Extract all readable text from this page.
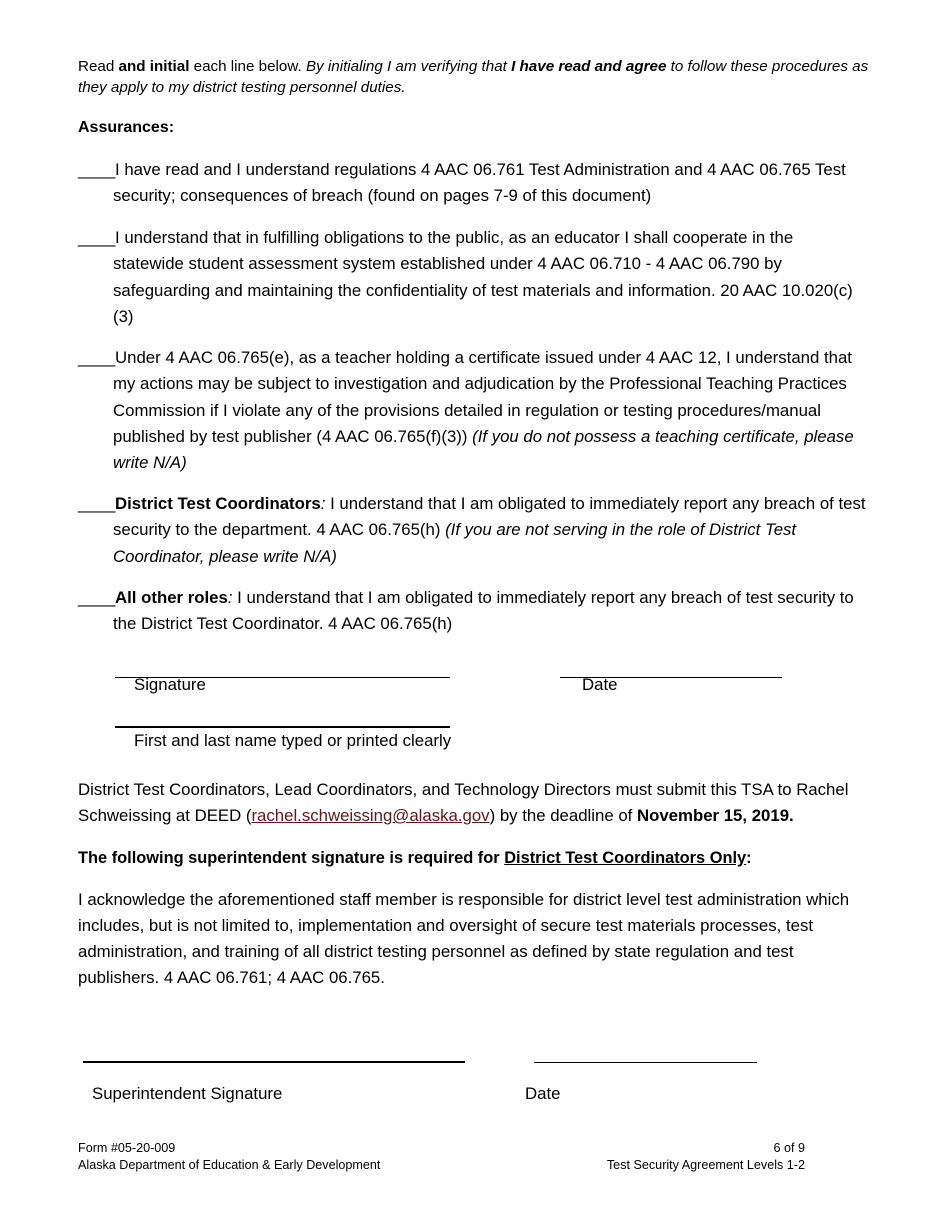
Read and initial each line below. By initialing I am verifying that I have read and agree to follow these procedures as they apply to my district testing personnel duties.
Assurances:
____ I have read and I understand regulations 4 AAC 06.761 Test Administration and 4 AAC 06.765 Test security; consequences of breach (found on pages 7-9 of this document)
____ I understand that in fulfilling obligations to the public, as an educator I shall cooperate in the statewide student assessment system established under 4 AAC 06.710 - 4 AAC 06.790 by safeguarding and maintaining the confidentiality of test materials and information. 20 AAC 10.020(c)(3)
____ Under 4 AAC 06.765(e), as a teacher holding a certificate issued under 4 AAC 12, I understand that my actions may be subject to investigation and adjudication by the Professional Teaching Practices Commission if I violate any of the provisions detailed in regulation or testing procedures/manual published by test publisher (4 AAC 06.765(f)(3)) (If you do not possess a teaching certificate, please write N/A)
____ District Test Coordinators: I understand that I am obligated to immediately report any breach of test security to the department. 4 AAC 06.765(h) (If you are not serving in the role of District Test Coordinator, please write N/A)
____ All other roles: I understand that I am obligated to immediately report any breach of test security to the District Test Coordinator. 4 AAC 06.765(h)
Signature	Date
First and last name typed or printed clearly
District Test Coordinators, Lead Coordinators, and Technology Directors must submit this TSA to Rachel Schweissing at DEED (rachel.schweissing@alaska.gov) by the deadline of November 15, 2019.
The following superintendent signature is required for District Test Coordinators Only:
I acknowledge the aforementioned staff member is responsible for district level test administration which includes, but is not limited to, implementation and oversight of secure test materials processes, test administration, and training of all district testing personnel as defined by state regulation and test publishers. 4 AAC 06.761; 4 AAC 06.765.
Superintendent Signature	Date
Form #05-20-009
Alaska Department of Education & Early Development
6 of 9
Test Security Agreement Levels 1-2
